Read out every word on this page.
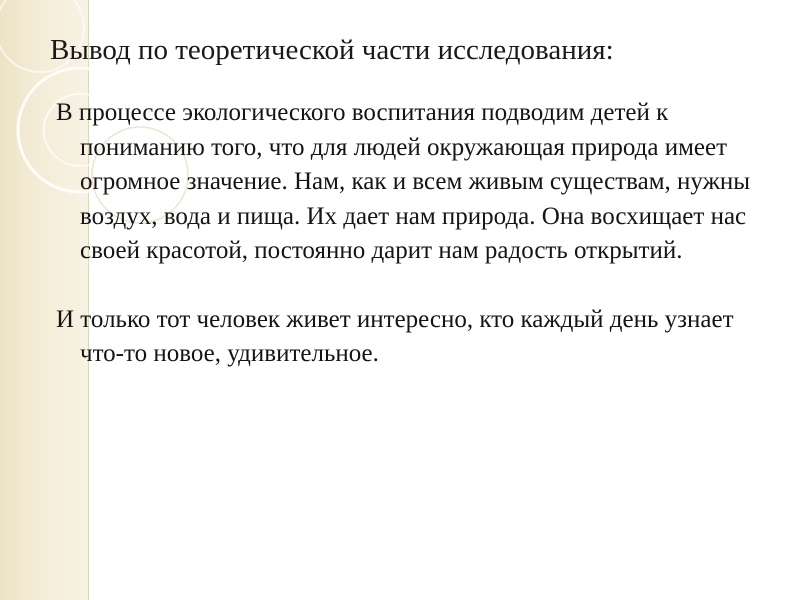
Вывод по теоретической части исследования:

В процессе экологического воспитания подводим детей к пониманию того, что для людей окружающая природа имеет огромное значение. Нам, как и всем живым существам, нужны воздух, вода и пища. Их дает нам природа. Она восхищает нас своей красотой, постоянно дарит нам радость открытий.

И только тот человек живет интересно, кто каждый день узнает что-то новое, удивительное.
